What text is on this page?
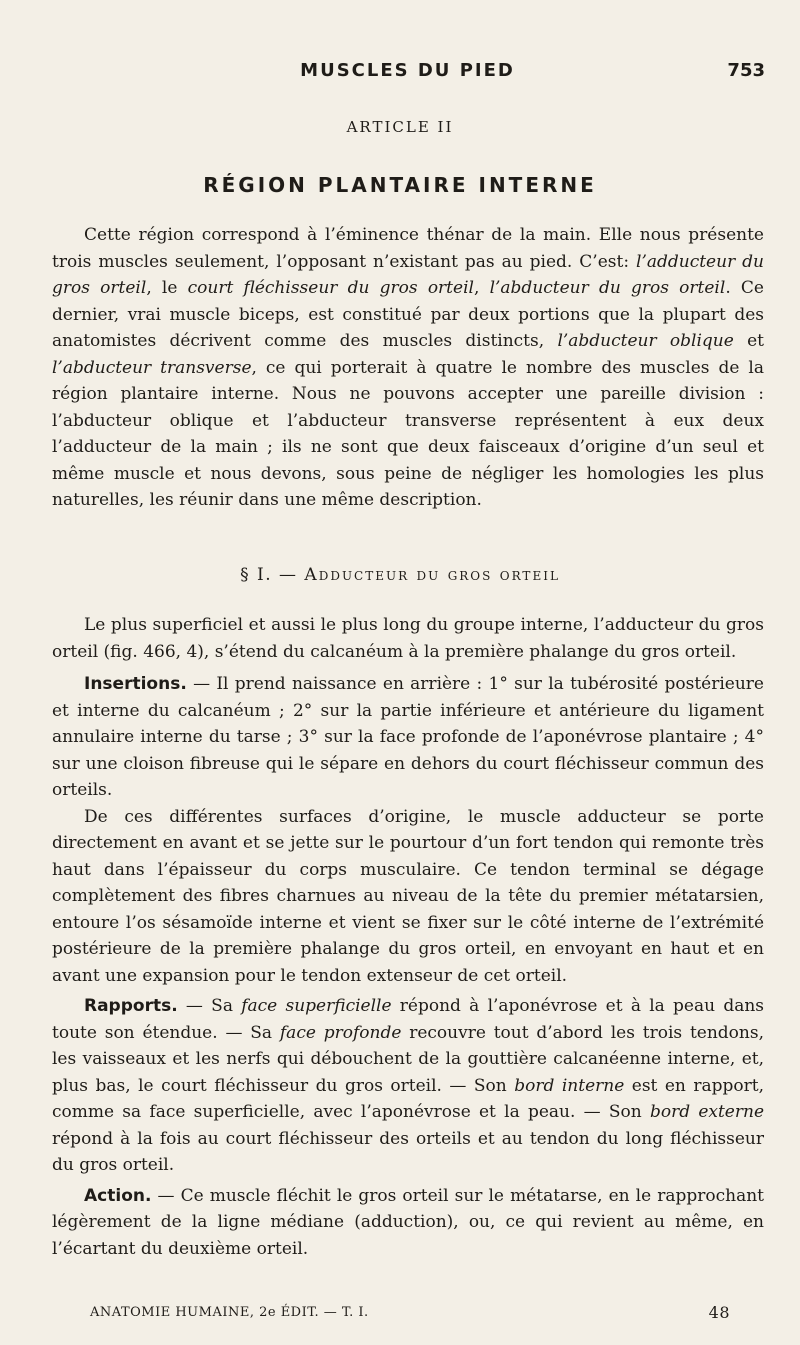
MUSCLES DU PIED	753
ARTICLE II
RÉGION PLANTAIRE INTERNE

Cette région correspond à l’éminence thénar de la main. Elle nous présente trois muscles seulement, l’opposant n’existant pas au pied. C’est: l’adducteur du gros orteil, le court fléchisseur du gros orteil, l’abducteur du gros orteil. Ce dernier, vrai muscle biceps, est constitué par deux portions que la plupart des anatomistes décrivent comme des muscles distincts, l’abducteur oblique et l’abducteur transverse, ce qui porterait à quatre le nombre des muscles de la région plantaire interne. Nous ne pouvons accepter une pareille division : l’abducteur oblique et l’abducteur transverse représentent à eux deux l’adducteur de la main ; ils ne sont que deux faisceaux d’origine d’un seul et même muscle et nous devons, sous peine de négliger les homologies les plus naturelles, les réunir dans une même description.

§ I. — Adducteur du gros orteil

Le plus superficiel et aussi le plus long du groupe interne, l’adducteur du gros orteil (fig. 466, 4), s’étend du calcanéum à la première phalange du gros orteil.

Insertions. — Il prend naissance en arrière : 1° sur la tubérosité postérieure et interne du calcanéum ; 2° sur la partie inférieure et antérieure du ligament annulaire interne du tarse ; 3° sur la face profonde de l’aponévrose plantaire ; 4° sur une cloison fibreuse qui le sépare en dehors du court fléchisseur commun des orteils.

De ces différentes surfaces d’origine, le muscle adducteur se porte directement en avant et se jette sur le pourtour d’un fort tendon qui remonte très haut dans l’épaisseur du corps musculaire. Ce tendon terminal se dégage complètement des fibres charnues au niveau de la tête du premier métatarsien, entoure l’os sésamoïde interne et vient se fixer sur le côté interne de l’extrémité postérieure de la première phalange du gros orteil, en envoyant en haut et en avant une expansion pour le tendon extenseur de cet orteil.

Rapports. — Sa face superficielle répond à l’aponévrose et à la peau dans toute son étendue. — Sa face profonde recouvre tout d’abord les trois tendons, les vaisseaux et les nerfs qui débouchent de la gouttière calcanéenne interne, et, plus bas, le court fléchisseur du gros orteil. — Son bord interne est en rapport, comme sa face superficielle, avec l’aponévrose et la peau. — Son bord externe répond à la fois au court fléchisseur des orteils et au tendon du long fléchisseur du gros orteil.

Action. — Ce muscle fléchit le gros orteil sur le métatarse, en le rapprochant légèrement de la ligne médiane (adduction), ou, ce qui revient au même, en l’écartant du deuxième orteil.

ANATOMIE HUMAINE, 2e ÉDIT. — T. I.	48
